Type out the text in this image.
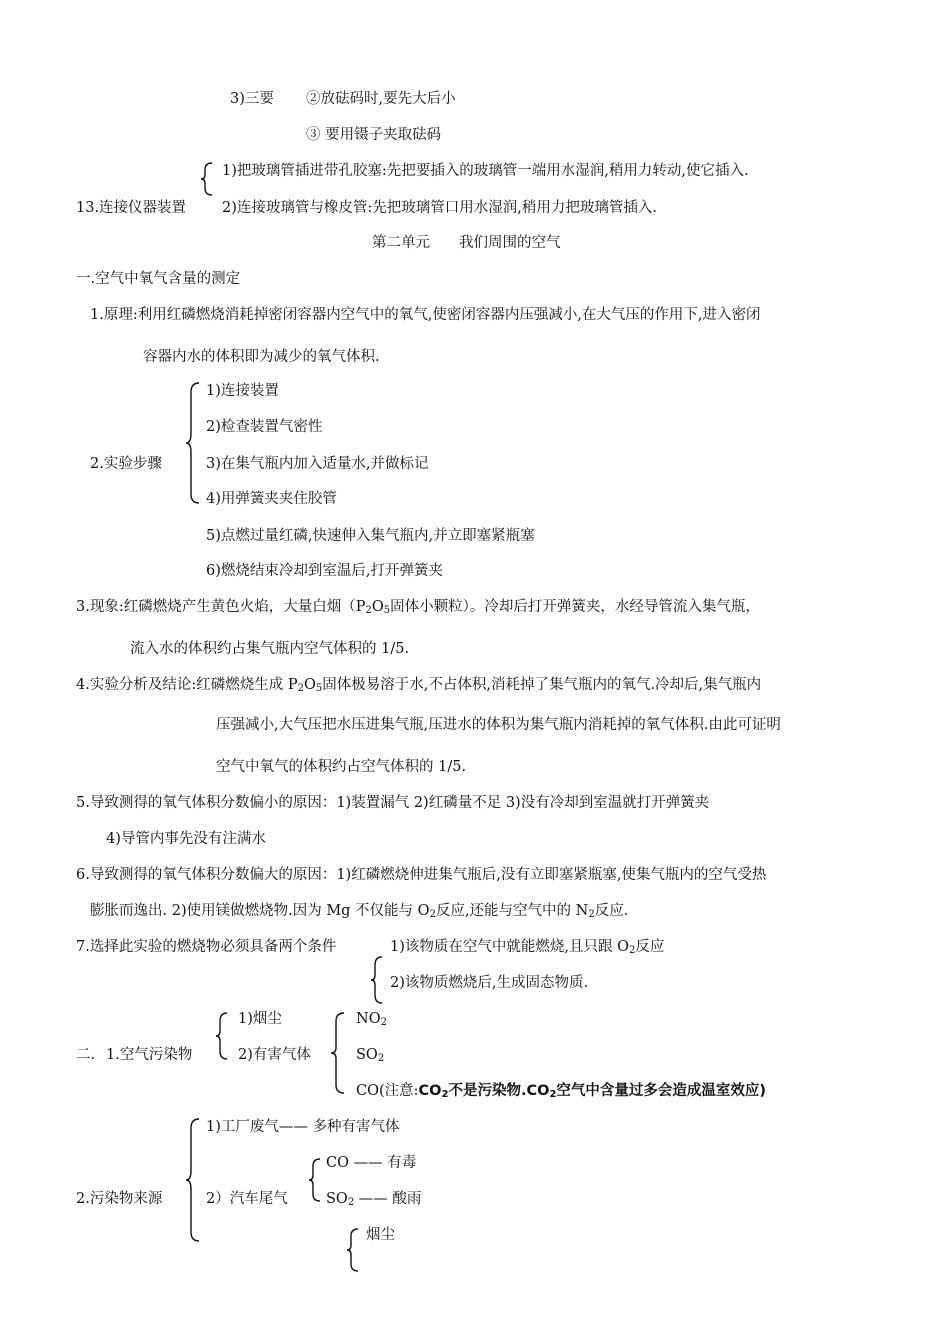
3)三要 ②放砝码时,要先大后小
③ 要用镊子夹取砝码
1)把玻璃管插进带孔胶塞:先把要插入的玻璃管一端用水湿润,稍用力转动,使它插入.
13.连接仪器装置 2)连接玻璃管与橡皮管:先把玻璃管口用水湿润,稍用力把玻璃管插入.
第二单元　　我们周围的空气
一.空气中氧气含量的测定
1.原理:利用红磷燃烧消耗掉密闭容器内空气中的氧气,使密闭容器内压强减小,在大气压的作用下,进入密闭
容器内水的体积即为减少的氧气体积.
2.实验步骤
1)连接装置
2)检查装置气密性
3)在集气瓶内加入适量水,并做标记
4)用弹簧夹夹住胶管
5)点燃过量红磷,快速伸入集气瓶内,并立即塞紧瓶塞
6)燃烧结束冷却到室温后,打开弹簧夹
3.现象:红磷燃烧产生黄色火焰，大量白烟（$P_2O_5$固体小颗粒）。冷却后打开弹簧夹，水经导管流入集气瓶，
流入水的体积约占集气瓶内空气体积的 1/5.
4.实验分析及结论:红磷燃烧生成 $P_2O_5$固体极易溶于水,不占体积,消耗掉了集气瓶内的氧气.冷却后,集气瓶内
压强减小,大气压把水压进集气瓶,压进水的体积为集气瓶内消耗掉的氧气体积.由此可证明
空气中氧气的体积约占空气体积的 1/5.
5.导致测得的氧气体积分数偏小的原因：1)装置漏气 2)红磷量不足 3)没有冷却到室温就打开弹簧夹
4)导管内事先没有注满水
6.导致测得的氧气体积分数偏大的原因：1)红磷燃烧伸进集气瓶后,没有立即塞紧瓶塞,使集气瓶内的空气受热
膨胀而逸出. 2)使用镁做燃烧物.因为 Mg 不仅能与 $O_2$反应,还能与空气中的 $N_2$反应.
7.选择此实验的燃烧物必须具备两个条件	1)该物质在空气中就能燃烧,且只跟 $O_2$反应
2)该物质燃烧后,生成固态物质.
二. 1.空气污染物
1)烟尘
2)有害气体
$NO_2$
$SO_2$
CO(注意$:CO_2$不是污染物$.CO_2$空气中含量过多会造成温室效应)
2.污染物来源
1)工厂废气—— 多种有害气体
2）汽车尾气
CO —— 有毒
$SO_2$ —— 酸雨
烟尘
